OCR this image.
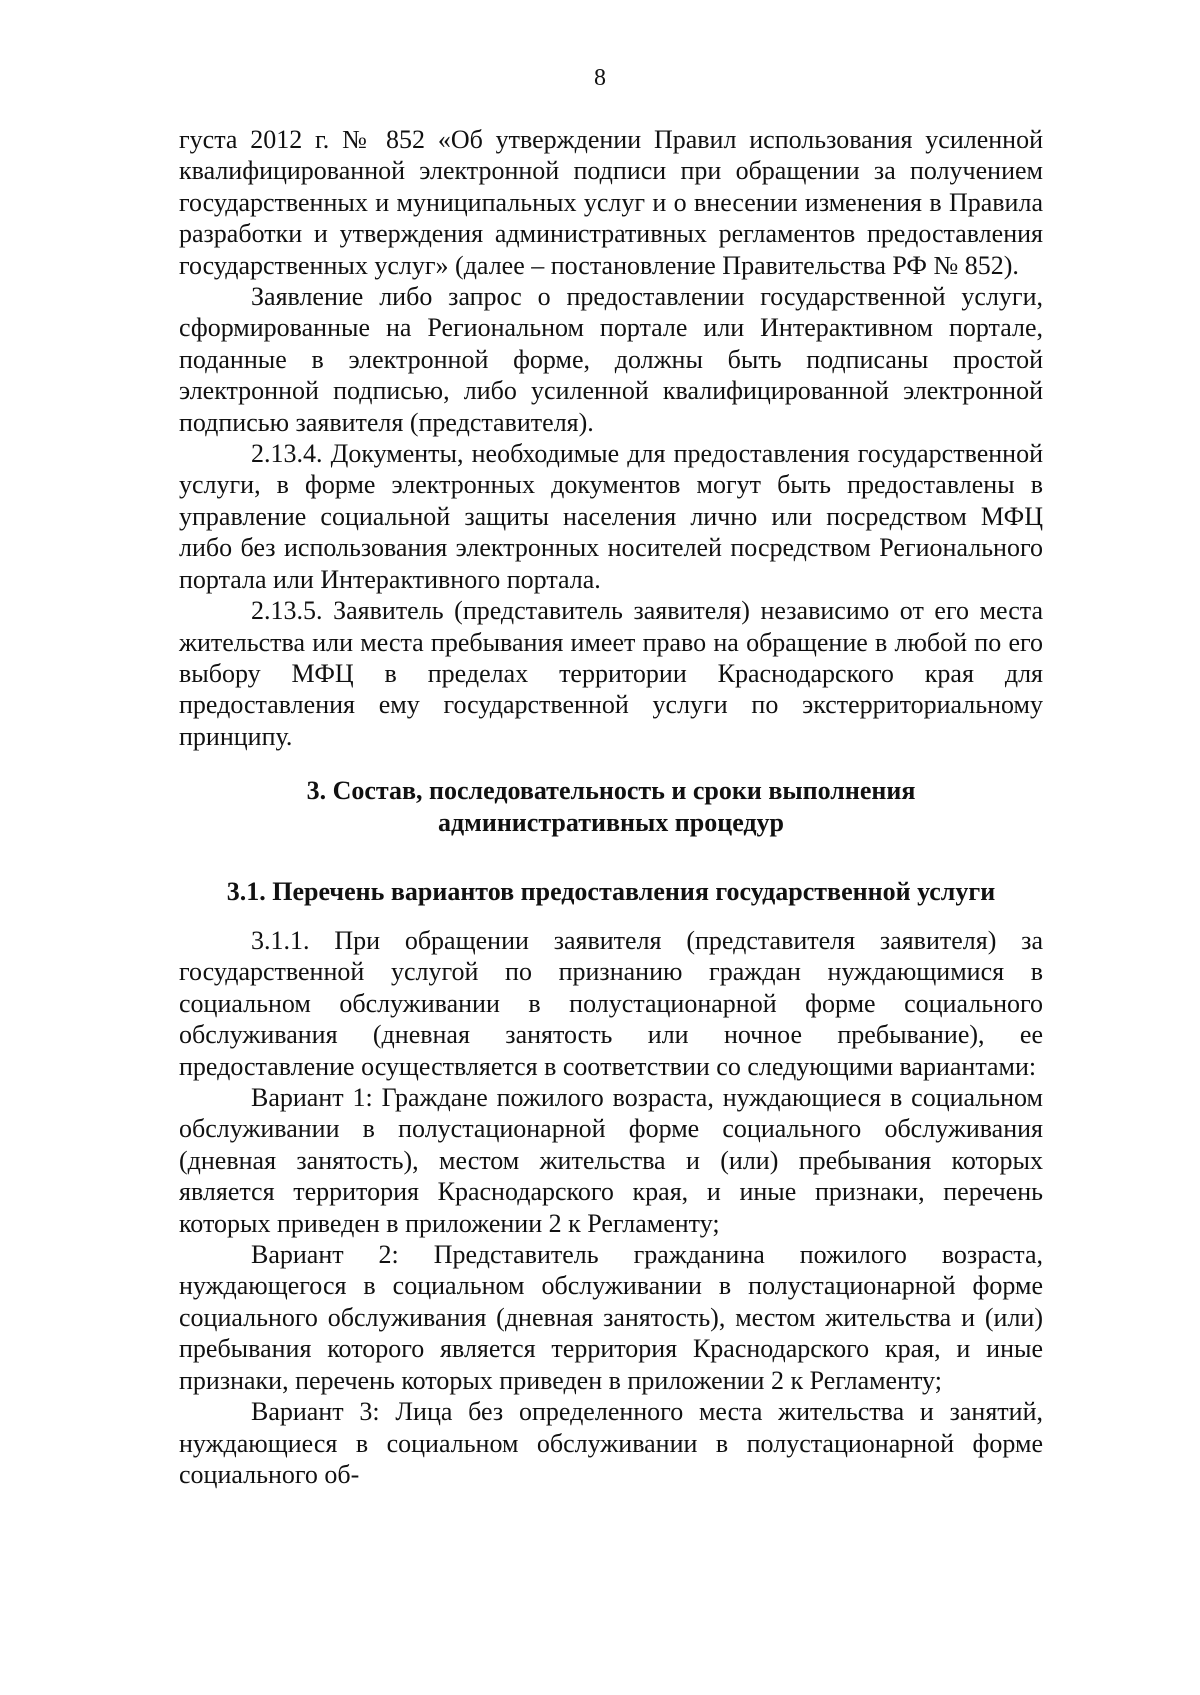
8

густа 2012 г. № 852 «Об утверждении Правил использования усиленной квалифицированной электронной подписи при обращении за получением государственных и муниципальных услуг и о внесении изменения в Правила разработки и утверждения административных регламентов предоставления государственных услуг» (далее – постановление Правительства РФ № 852).

Заявление либо запрос о предоставлении государственной услуги, сформированные на Региональном портале или Интерактивном портале, поданные в электронной форме, должны быть подписаны простой электронной подписью, либо усиленной квалифицированной электронной подписью заявителя (представителя).

2.13.4. Документы, необходимые для предоставления государственной услуги, в форме электронных документов могут быть предоставлены в управление социальной защиты населения лично или посредством МФЦ либо без использования электронных носителей посредством Регионального портала или Интерактивного портала.

2.13.5. Заявитель (представитель заявителя) независимо от его места жительства или места пребывания имеет право на обращение в любой по его выбору МФЦ в пределах территории Краснодарского края для предоставления ему государственной услуги по экстерриториальному принципу.

3. Состав, последовательность и сроки выполнения
административных процедур
3.1. Перечень вариантов предоставления государственной услуги

3.1.1. При обращении заявителя (представителя заявителя) за государственной услугой по признанию граждан нуждающимися в социальном обслуживании в полустационарной форме социального обслуживания (дневная занятость или ночное пребывание), ее предоставление осуществляется в соответствии со следующими вариантами:

Вариант 1: Граждане пожилого возраста, нуждающиеся в социальном обслуживании в полустационарной форме социального обслуживания (дневная занятость), местом жительства и (или) пребывания которых является территория Краснодарского края, и иные признаки, перечень которых приведен в приложении 2 к Регламенту;

Вариант 2: Представитель гражданина пожилого возраста, нуждающегося в социальном обслуживании в полустационарной форме социального обслуживания (дневная занятость), местом жительства и (или) пребывания которого является территория Краснодарского края, и иные признаки, перечень которых приведен в приложении 2 к Регламенту;

Вариант 3: Лица без определенного места жительства и занятий, нуждающиеся в социальном обслуживании в полустационарной форме социального об-
